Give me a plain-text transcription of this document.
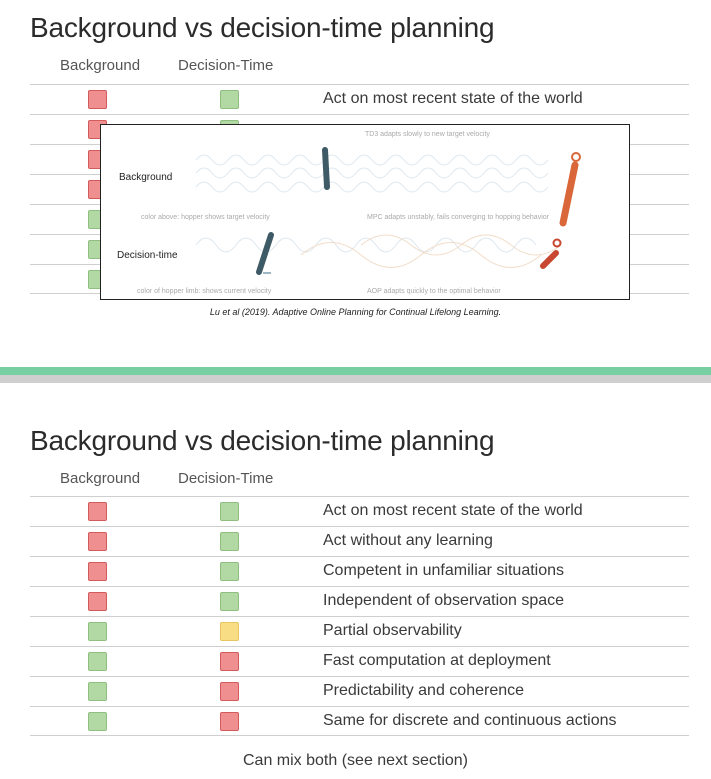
Background vs decision-time planning
Background	Decision-Time
Act on most recent state of the world
Background
Decision-time
TD3 adapts slowly to new target velocity
color above: hopper shows target velocity	MPC adapts unstably, fails converging to hopping behavior
color of hopper limb: shows current velocity	AOP adapts quickly to the optimal behavior
Lu et al (2019). Adaptive Online Planning for Continual Lifelong Learning.
Background vs decision-time planning
Background	Decision-Time
Act on most recent state of the world
Act without any learning
Competent in unfamiliar situations
Independent of observation space
Partial observability
Fast computation at deployment
Predictability and coherence
Same for discrete and continuous actions
Can mix both (see next section)
